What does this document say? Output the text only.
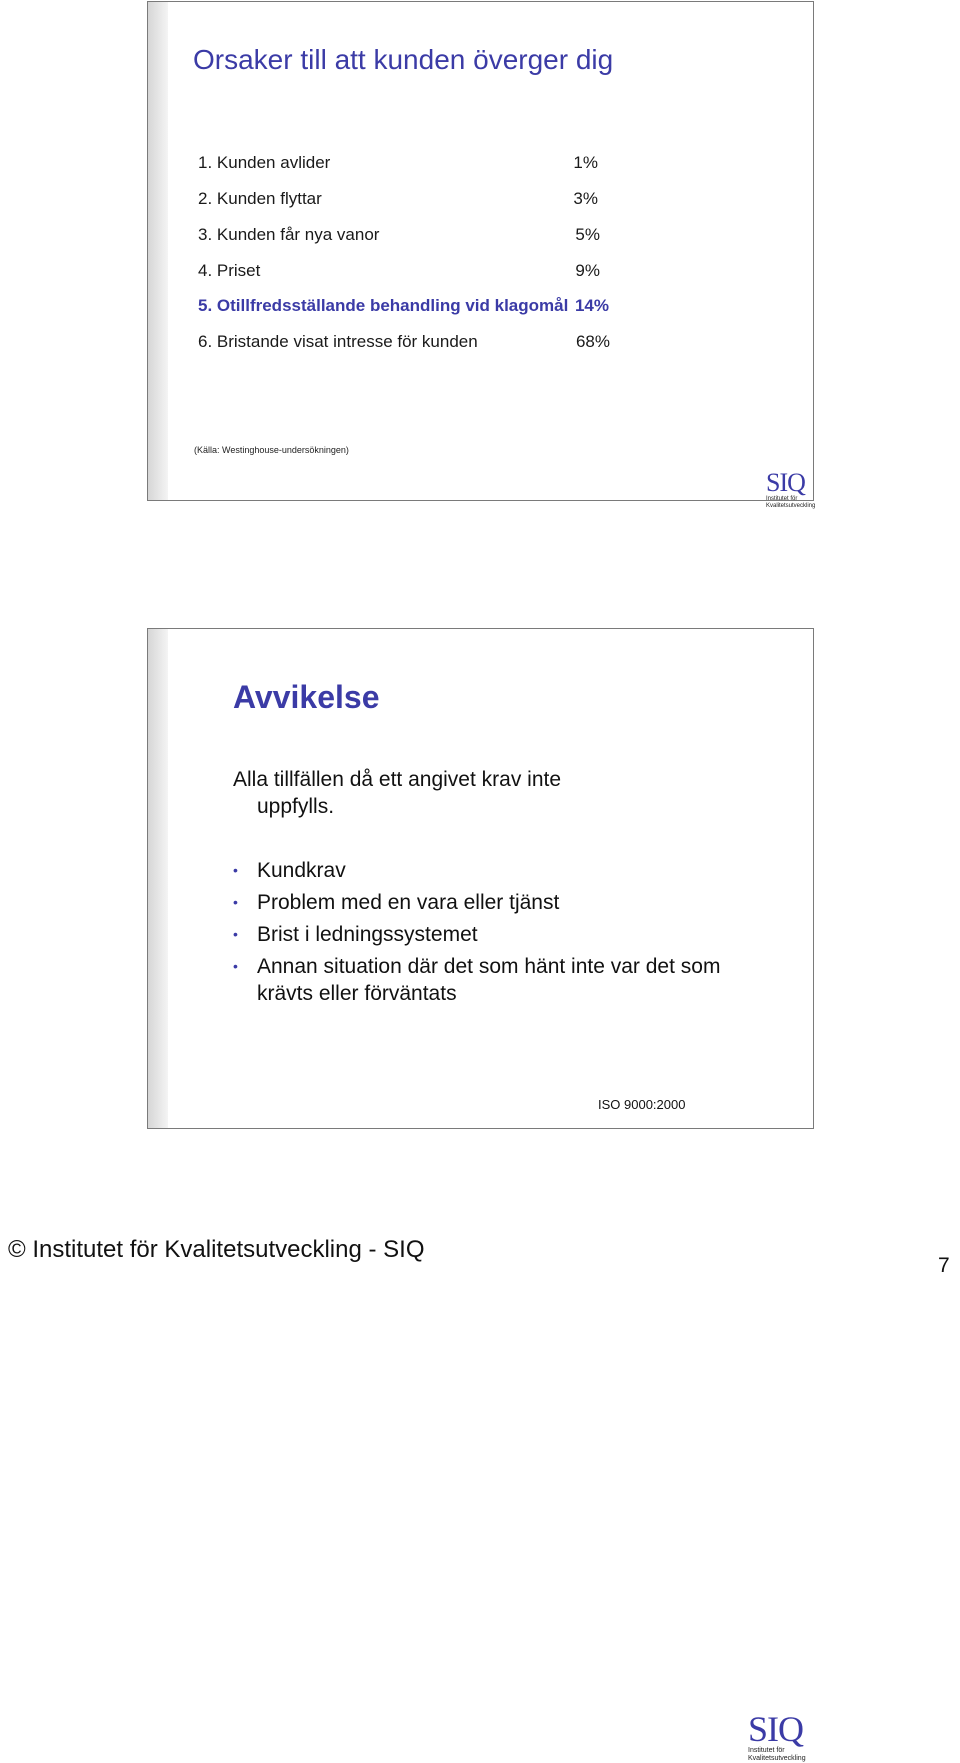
Orsaker till att kunden överger dig
1. Kunden avlider	1%
2. Kunden flyttar	3%
3. Kunden får nya vanor	5%
4. Priset	9%
5. Otillfredsställande behandling vid klagomål 14%
6. Bristande visat intresse för kunden	68%
(Källa: Westinghouse-undersökningen)
SIQ
Institutet för
Kvalitetsutveckling
Avvikelse
Alla tillfällen då ett angivet krav inte
uppfylls.
• Kundkrav
• Problem med en vara eller tjänst
• Brist i ledningssystemet
• Annan situation där det som hänt inte var det som krävts eller förväntats
ISO 9000:2000
SIQ
Institutet för
Kvalitetsutveckling
© Institutet för Kvalitetsutveckling - SIQ
7
